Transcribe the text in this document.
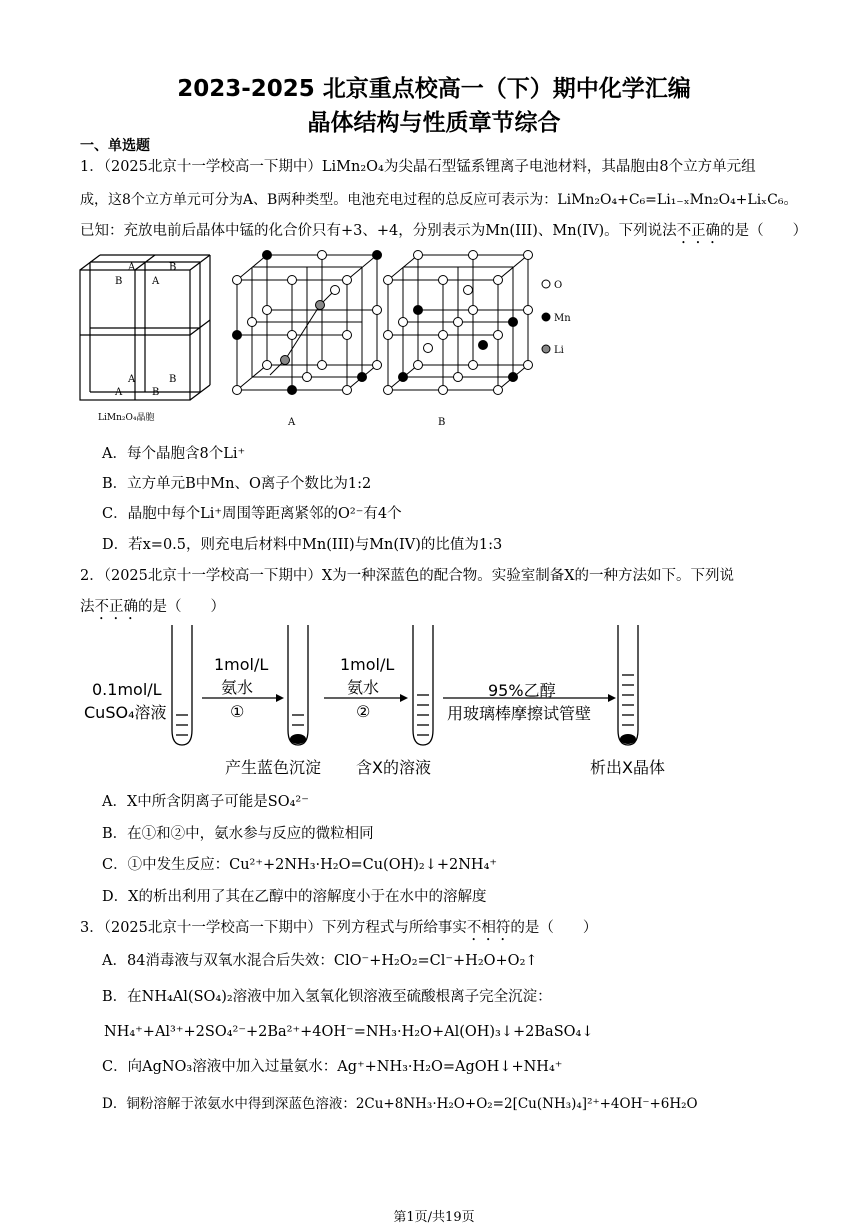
2023-2025 北京重点校高一（下）期中化学汇编
晶体结构与性质章节综合
一、单选题
1．（2025北京十一学校高一下期中）LiMn₂O₄为尖晶石型锰系锂离子电池材料，其晶胞由8个立方单元组
成，这8个立方单元可分为A、B两种类型。电池充电过程的总反应可表示为：LiMn₂O₄+C₆=Li₁₋ₓMn₂O₄+LiₓC₆。
已知：充放电前后晶体中锰的化合价只有+3、+4，分别表示为Mn(III)、Mn(IV)。下列说法不正确的是（　　）
A	B
B	A
A	B
A	B
LiMn₂O₄晶胞	A	B
O
Mn
Li
A．每个晶胞含8个Li⁺
B．立方单元B中Mn、O离子个数比为1:2
C．晶胞中每个Li⁺周围等距离紧邻的O²⁻有4个
D．若x=0.5，则充电后材料中Mn(III)与Mn(IV)的比值为1:3
2．（2025北京十一学校高一下期中）X为一种深蓝色的配合物。实验室制备X的一种方法如下。下列说
法不正确的是（　　）
0.1mol/L
CuSO₄溶液
1mol/L
氨水
①
1mol/L
氨水
②
95%乙醇
用玻璃棒摩擦试管壁
产生蓝色沉淀 含X的溶液	析出X晶体
A．X中所含阴离子可能是SO₄²⁻
B．在①和②中，氨水参与反应的微粒相同
C．①中发生反应：Cu²⁺+2NH₃·H₂O=Cu(OH)₂↓+2NH₄⁺
D．X的析出利用了其在乙醇中的溶解度小于在水中的溶解度
3．（2025北京十一学校高一下期中）下列方程式与所给事实不相符的是（　　）
A．84消毒液与双氧水混合后失效：ClO⁻+H₂O₂=Cl⁻+H₂O+O₂↑
B．在NH₄Al(SO₄)₂溶液中加入氢氧化钡溶液至硫酸根离子完全沉淀：
NH₄⁺+Al³⁺+2SO₄²⁻+2Ba²⁺+4OH⁻=NH₃·H₂O+Al(OH)₃↓+2BaSO₄↓
C．向AgNO₃溶液中加入过量氨水：Ag⁺+NH₃·H₂O=AgOH↓+NH₄⁺
D．铜粉溶解于浓氨水中得到深蓝色溶液：2Cu+8NH₃·H₂O+O₂=2[Cu(NH₃)₄]²⁺+4OH⁻+6H₂O
第1页/共19页
